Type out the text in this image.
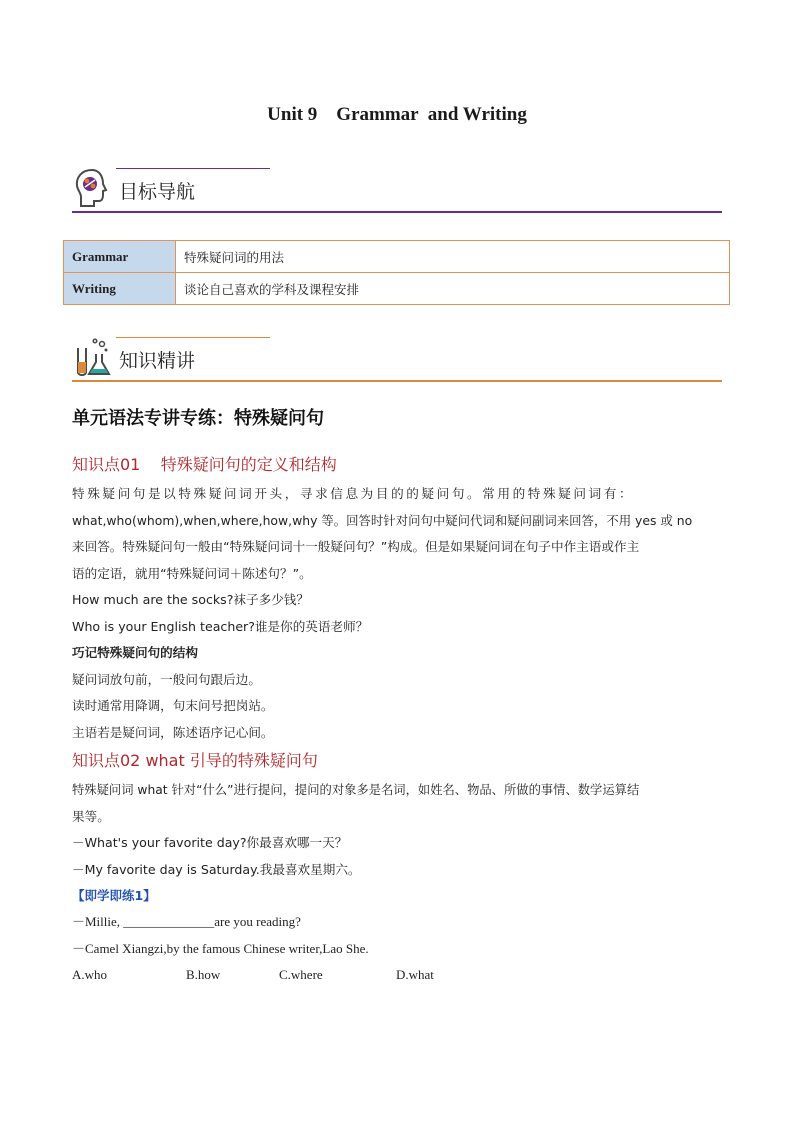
Unit 9    Grammar  and Writing
目标导航
Grammar	特殊疑问词的用法
Writing	谈论自己喜欢的学科及课程安排
知识精讲
单元语法专讲专练：特殊疑问句
知识点01    特殊疑问句的定义和结构

特殊疑问句是以特殊疑问词开头，寻求信息为目的的疑问句。常用的特殊疑问词有：

what,who(whom),when,where,how,why 等。回答时针对问句中疑问代词和疑问副词来回答，不用 yes 或 no

来回答。特殊疑问句一般由“特殊疑问词十一般疑问句？”构成。但是如果疑问词在句子中作主语或作主

语的定语，就用“特殊疑问词＋陈述句？”。

How much are the socks?袜子多少钱？

Who is your English teacher?谁是你的英语老师？

巧记特殊疑问句的结构

疑问词放句前，一般问句跟后边。

读时通常用降调，句末问号把岗站。

主语若是疑问词，陈述语序记心间。

知识点02 what 引导的特殊疑问句

特殊疑问词 what 针对“什么”进行提问，提问的对象多是名词，如姓名、物品、所做的事情、数学运算结

果等。

－What's your favorite day?你最喜欢哪一天？

－My favorite day is Saturday.我最喜欢星期六。

【即学即练1】

－Millie, ______________are you reading?

－Camel Xiangzi,by the famous Chinese writer,Lao She.

A.who	B.how	C.where	D.what
